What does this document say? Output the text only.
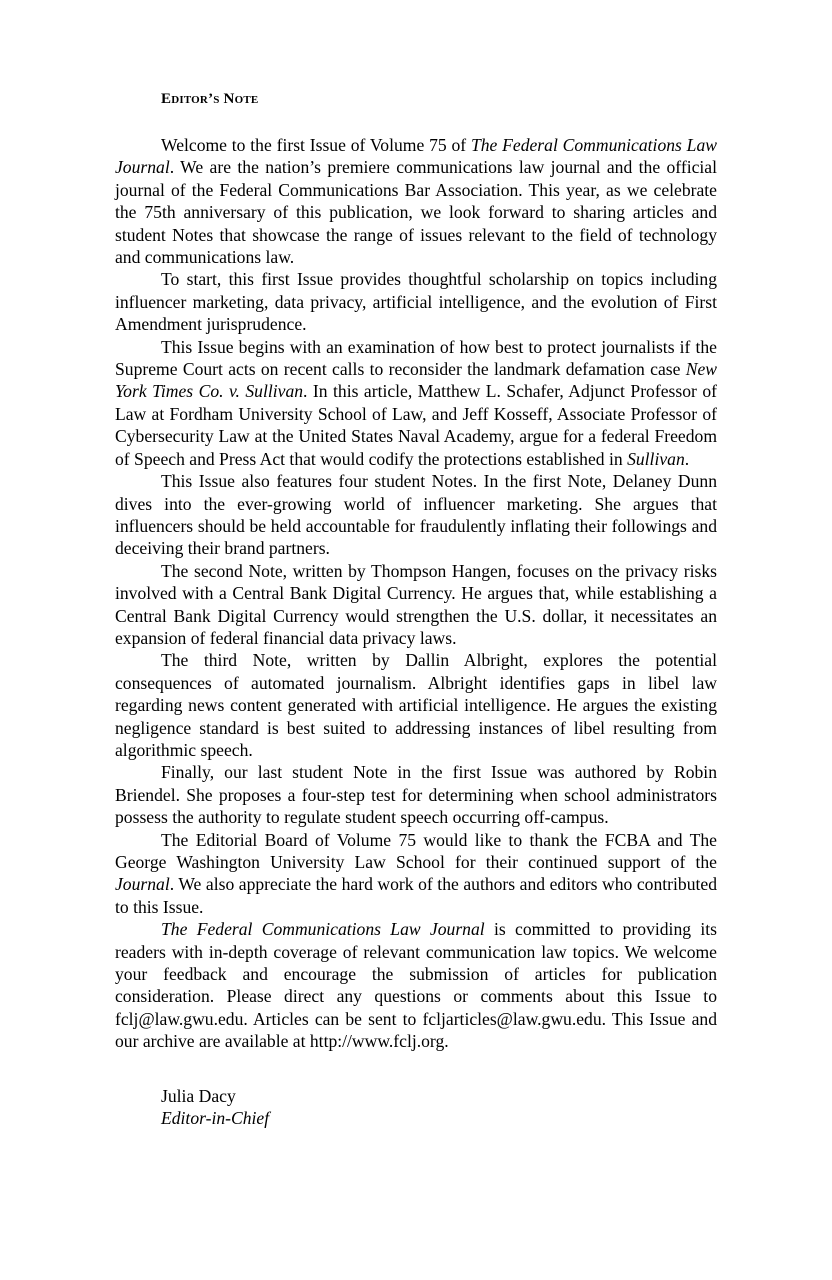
Editor’s Note

Welcome to the first Issue of Volume 75 of The Federal Communications Law Journal. We are the nation’s premiere communications law journal and the official journal of the Federal Communications Bar Association. This year, as we celebrate the 75th anniversary of this publication, we look forward to sharing articles and student Notes that showcase the range of issues relevant to the field of technology and communications law.

To start, this first Issue provides thoughtful scholarship on topics including influencer marketing, data privacy, artificial intelligence, and the evolution of First Amendment jurisprudence.

This Issue begins with an examination of how best to protect journalists if the Supreme Court acts on recent calls to reconsider the landmark defamation case New York Times Co. v. Sullivan. In this article, Matthew L. Schafer, Adjunct Professor of Law at Fordham University School of Law, and Jeff Kosseff, Associate Professor of Cybersecurity Law at the United States Naval Academy, argue for a federal Freedom of Speech and Press Act that would codify the protections established in Sullivan.

This Issue also features four student Notes. In the first Note, Delaney Dunn dives into the ever-growing world of influencer marketing. She argues that influencers should be held accountable for fraudulently inflating their followings and deceiving their brand partners.

The second Note, written by Thompson Hangen, focuses on the privacy risks involved with a Central Bank Digital Currency. He argues that, while establishing a Central Bank Digital Currency would strengthen the U.S. dollar, it necessitates an expansion of federal financial data privacy laws.

The third Note, written by Dallin Albright, explores the potential consequences of automated journalism. Albright identifies gaps in libel law regarding news content generated with artificial intelligence. He argues the existing negligence standard is best suited to addressing instances of libel resulting from algorithmic speech.

Finally, our last student Note in the first Issue was authored by Robin Briendel. She proposes a four-step test for determining when school administrators possess the authority to regulate student speech occurring off-campus.

The Editorial Board of Volume 75 would like to thank the FCBA and The George Washington University Law School for their continued support of the Journal. We also appreciate the hard work of the authors and editors who contributed to this Issue.

The Federal Communications Law Journal is committed to providing its readers with in-depth coverage of relevant communication law topics. We welcome your feedback and encourage the submission of articles for publication consideration. Please direct any questions or comments about this Issue to fclj@law.gwu.edu. Articles can be sent to fcljarticles@law.gwu.edu. This Issue and our archive are available at http://www.fclj.org.

Julia Dacy
Editor-in-Chief
